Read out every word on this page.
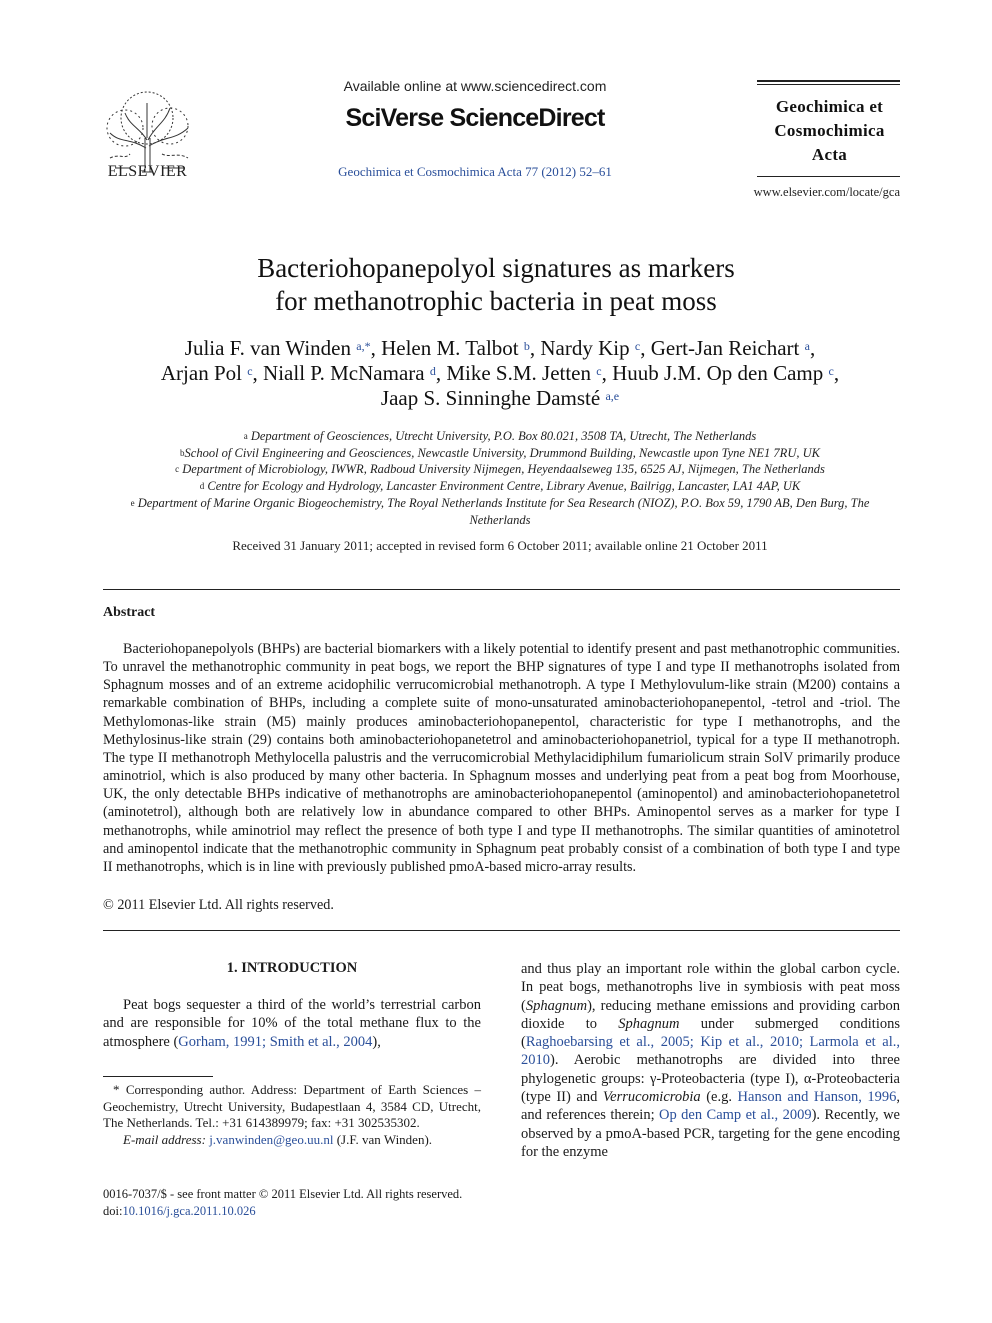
ELSEVIER
Available online at www.sciencedirect.com
SciVerse ScienceDirect
Geochimica et Cosmochimica Acta 77 (2012) 52–61
Geochimica et
Cosmochimica
Acta
www.elsevier.com/locate/gca
Bacteriohopanepolyol signatures as markers
for methanotrophic bacteria in peat moss
Julia F. van Winden $^{a,*}$, Helen M. Talbot $^b$, Nardy Kip $^c$, Gert-Jan Reichart $^a$,
Arjan Pol $^c$, Niall P. McNamara $^d$, Mike S.M. Jetten $^c$, Huub J.M. Op den Camp $^c$,
Jaap S. Sinninghe Damsté $^{a,e}$
$^a$ Department of Geosciences, Utrecht University, P.O. Box 80.021, 3508 TA, Utrecht, The Netherlands
$^b$School of Civil Engineering and Geosciences, Newcastle University, Drummond Building, Newcastle upon Tyne NE1 7RU, UK
$^c$ Department of Microbiology, IWWR, Radboud University Nijmegen, Heyendaalseweg 135, 6525 AJ, Nijmegen, The Netherlands
$^d$ Centre for Ecology and Hydrology, Lancaster Environment Centre, Library Avenue, Bailrigg, Lancaster, LA1 4AP, UK
$^e$ Department of Marine Organic Biogeochemistry, The Royal Netherlands Institute for Sea Research (NIOZ), P.O. Box 59, 1790 AB, Den Burg, The Netherlands
Received 31 January 2011; accepted in revised form 6 October 2011; available online 21 October 2011
Abstract
Bacteriohopanepolyols (BHPs) are bacterial biomarkers with a likely potential to identify present and past methanotrophic communities. To unravel the methanotrophic community in peat bogs, we report the BHP signatures of type I and type II methanotrophs isolated from Sphagnum mosses and of an extreme acidophilic verrucomicrobial methanotroph. A type I Methylovulum-like strain (M200) contains a remarkable combination of BHPs, including a complete suite of mono-unsaturated aminobacteriohopanepentol, -tetrol and -triol. The Methylomonas-like strain (M5) mainly produces aminobacteriohopanepentol, characteristic for type I methanotrophs, and the Methylosinus-like strain (29) contains both aminobacteriohopanetetrol and aminobacteriohopanetriol, typical for a type II methanotroph. The type II methanotroph Methylocella palustris and the verrucomicrobial Methylacidiphilum fumariolicum strain SolV primarily produce aminotriol, which is also produced by many other bacteria. In Sphagnum mosses and underlying peat from a peat bog from Moorhouse, UK, the only detectable BHPs indicative of methanotrophs are aminobacteriohopanepentol (aminopentol) and aminobacteriohopanetetrol (aminotetrol), although both are relatively low in abundance compared to other BHPs. Aminopentol serves as a marker for type I methanotrophs, while aminotriol may reflect the presence of both type I and type II methanotrophs. The similar quantities of aminotetrol and aminopentol indicate that the methanotrophic community in Sphagnum peat probably consist of a combination of both type I and type II methanotrophs, which is in line with previously published pmoA-based micro-array results.
© 2011 Elsevier Ltd. All rights reserved.
1. INTRODUCTION
Peat bogs sequester a third of the world’s terrestrial carbon and are responsible for 10% of the total methane flux to the atmosphere (Gorham, 1991; Smith et al., 2004),
* Corresponding author. Address: Department of Earth Sciences – Geochemistry, Utrecht University, Budapestlaan 4, 3584 CD, Utrecht, The Netherlands. Tel.: +31 614389979; fax: +31 302535302.
E-mail address: j.vanwinden@geo.uu.nl (J.F. van Winden).
0016-7037/$ - see front matter © 2011 Elsevier Ltd. All rights reserved.
doi:10.1016/j.gca.2011.10.026
and thus play an important role within the global carbon cycle. In peat bogs, methanotrophs live in symbiosis with peat moss (Sphagnum), reducing methane emissions and providing carbon dioxide to Sphagnum under submerged conditions (Raghoebarsing et al., 2005; Kip et al., 2010; Larmola et al., 2010). Aerobic methanotrophs are divided into three phylogenetic groups: γ-Proteobacteria (type I), α-Proteobacteria (type II) and Verrucomicrobia (e.g. Hanson and Hanson, 1996, and references therein; Op den Camp et al., 2009). Recently, we observed by a pmoA-based PCR, targeting for the gene encoding for the enzyme
